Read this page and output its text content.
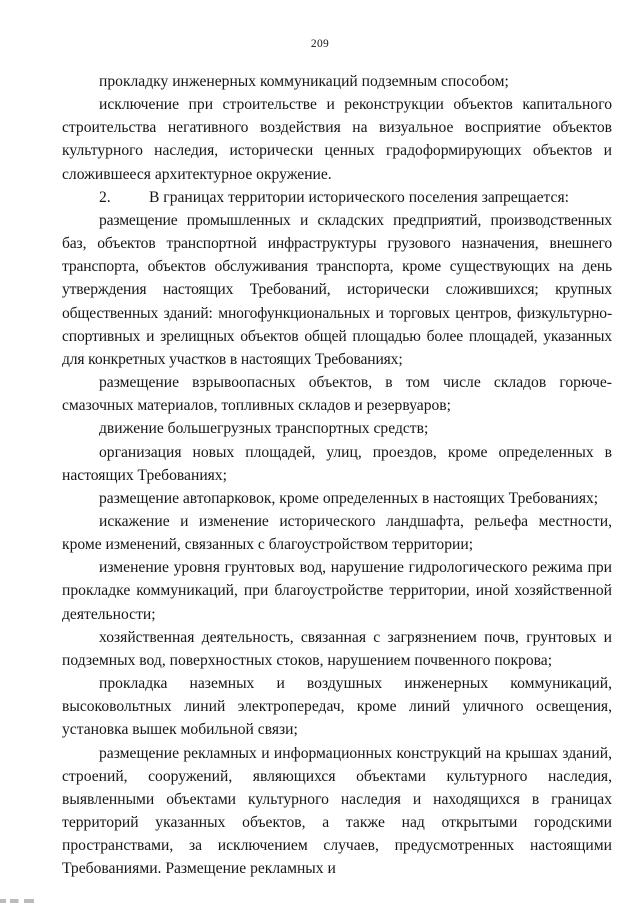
209

прокладку инженерных коммуникаций подземным способом;

исключение при строительстве и реконструкции объектов капитального строительства негативного воздействия на визуальное восприятие объектов культурного наследия, исторически ценных градоформирующих объектов и сложившееся архитектурное окружение.

2. В границах территории исторического поселения запрещается:

размещение промышленных и складских предприятий, производственных баз, объектов транспортной инфраструктуры грузового назначения, внешнего транспорта, объектов обслуживания транспорта, кроме существующих на день утверждения настоящих Требований, исторически сложившихся; крупных общественных зданий: многофункциональных и торговых центров, физкультурно-спортивных и зрелищных объектов общей площадью более площадей, указанных для конкретных участков в настоящих Требованиях;

размещение взрывоопасных объектов, в том числе складов горюче-смазочных материалов, топливных складов и резервуаров;

движение большегрузных транспортных средств;

организация новых площадей, улиц, проездов, кроме определенных в настоящих Требованиях;

размещение автопарковок, кроме определенных в настоящих Требованиях;

искажение и изменение исторического ландшафта, рельефа местности, кроме изменений, связанных с благоустройством территории;

изменение уровня грунтовых вод, нарушение гидрологического режима при прокладке коммуникаций, при благоустройстве территории, иной хозяйственной деятельности;

хозяйственная деятельность, связанная с загрязнением почв, грунтовых и подземных вод, поверхностных стоков, нарушением почвенного покрова;

прокладка наземных и воздушных инженерных коммуникаций, высоковольтных линий электропередач, кроме линий уличного освещения, установка вышек мобильной связи;

размещение рекламных и информационных конструкций на крышах зданий, строений, сооружений, являющихся объектами культурного наследия, выявленными объектами культурного наследия и находящихся в границах территорий указанных объектов, а также над открытыми городскими пространствами, за исключением случаев, предусмотренных настоящими Требованиями. Размещение рекламных и
